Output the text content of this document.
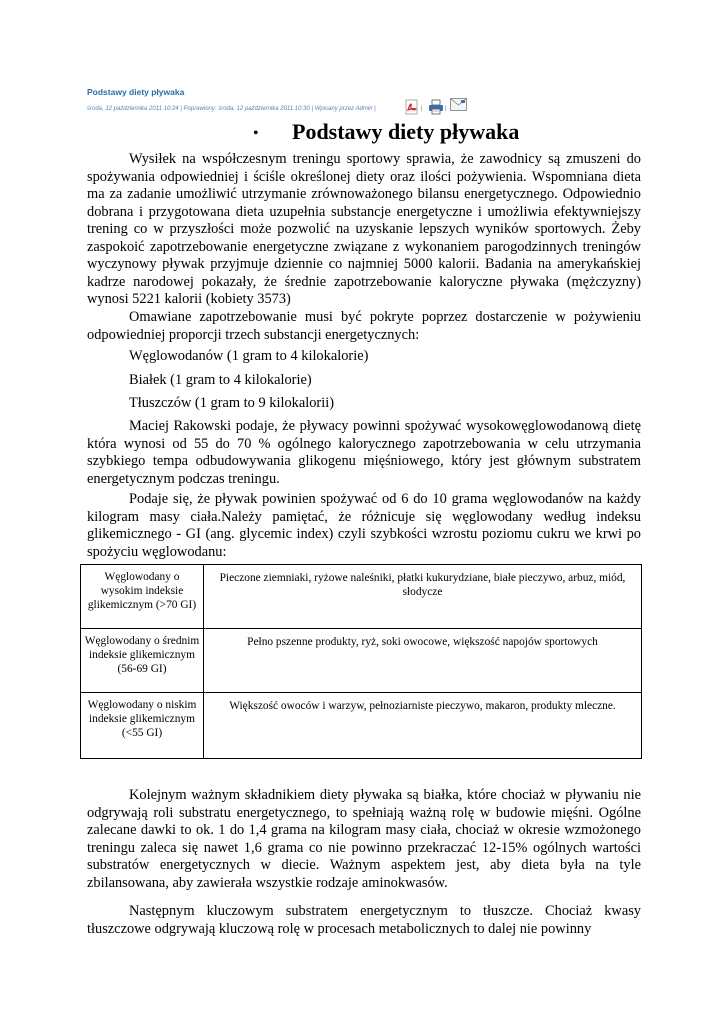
Podstawy diety pływaka
środa, 12 października 2011 10:24 | Poprawiony: środa, 12 października 2011 10:30 | Wpisany przez Admin |	|	|
• Podstawy diety pływaka

Wysiłek na współczesnym treningu sportowy sprawia, że zawodnicy są zmuszeni do spożywania odpowiedniej i ściśle określonej diety oraz ilości pożywienia. Wspomniana dieta ma za zadanie umożliwić utrzymanie zrównoważonego bilansu energetycznego. Odpowiednio dobrana i przygotowana dieta uzupełnia substancje energetyczne i umożliwia efektywniejszy trening co w przyszłości może pozwolić na uzyskanie lepszych wyników sportowych. Żeby zaspokoić zapotrzebowanie energetyczne związane z wykonaniem parogodzinnych treningów wyczynowy pływak przyjmuje dziennie co najmniej 5000 kalorii. Badania na amerykańskiej kadrze narodowej pokazały, że średnie zapotrzebowanie kaloryczne pływaka (mężczyzny) wynosi 5221 kalorii (kobiety 3573)

Omawiane zapotrzebowanie musi być pokryte poprzez dostarczenie w pożywieniu odpowiedniej proporcji trzech substancji energetycznych:

Węglowodanów (1 gram to 4 kilokalorie)

Białek (1 gram to 4 kilokalorie)

Tłuszczów (1 gram to 9 kilokalorii)

Maciej Rakowski podaje, że pływacy powinni spożywać wysokowęglowodanową dietę która wynosi od 55 do 70 % ogólnego kalorycznego zapotrzebowania w celu utrzymania szybkiego tempa odbudowywania glikogenu mięśniowego, który jest głównym substratem energetycznym podczas treningu.

Podaje się, że pływak powinien spożywać od 6 do 10 grama węglowodanów na każdy kilogram masy ciała.Należy pamiętać, że różnicuje się węglowodany według indeksu glikemicznego - GI (ang. glycemic index) czyli szybkości wzrostu poziomu cukru we krwi po spożyciu węglowodanu:

Węglowodany o wysokim indeksie glikemicznym (>70 GI)	Pieczone ziemniaki, ryżowe naleśniki, płatki kukurydziane, białe pieczywo, arbuz, miód, słodycze
Węglowodany o średnim indeksie glikemicznym (56-69 GI)	Pełno pszenne produkty, ryż, soki owocowe, większość napojów sportowych
Węglowodany o niskim indeksie glikemicznym (<55 GI)	Większość owoców i warzyw, pełnoziarniste pieczywo, makaron, produkty mleczne.

Kolejnym ważnym składnikiem diety pływaka są białka, które chociaż w pływaniu nie odgrywają roli substratu energetycznego, to spełniają ważną rolę w budowie mięśni. Ogólne zalecane dawki to ok. 1 do 1,4 grama na kilogram masy ciała, chociaż w okresie wzmożonego treningu zaleca się nawet 1,6 grama co nie powinno przekraczać 12-15% ogólnych wartości substratów energetycznych w diecie. Ważnym aspektem jest, aby dieta była na tyle zbilansowana, aby zawierała wszystkie rodzaje aminokwasów.

Następnym kluczowym substratem energetycznym to tłuszcze. Chociaż kwasy tłuszczowe odgrywają kluczową rolę w procesach metabolicznych to dalej nie powinny
